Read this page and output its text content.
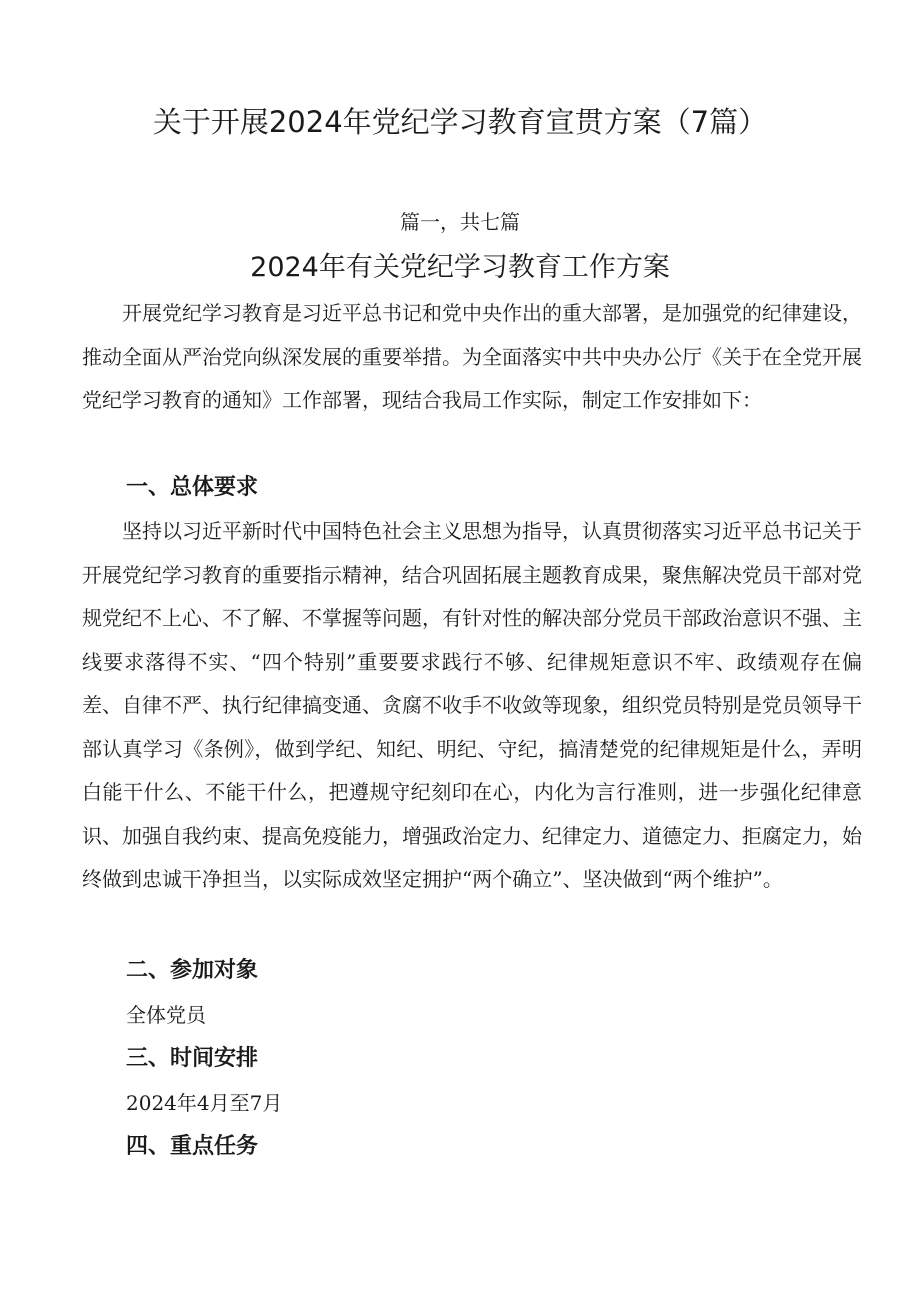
关于开展2024年党纪学习教育宣贯方案（7篇）
篇一，共七篇
2024年有关党纪学习教育工作方案

开展党纪学习教育是习近平总书记和党中央作出的重大部署，是加强党的纪律建设，推动全面从严治党向纵深发展的重要举措。为全面落实中共中央办公厅《关于在全党开展党纪学习教育的通知》工作部署，现结合我局工作实际，制定工作安排如下：

一、总体要求

坚持以习近平新时代中国特色社会主义思想为指导，认真贯彻落实习近平总书记关于开展党纪学习教育的重要指示精神，结合巩固拓展主题教育成果，聚焦解决党员干部对党规党纪不上心、不了解、不掌握等问题，有针对性的解决部分党员干部政治意识不强、主线要求落得不实、“四个特别”重要要求践行不够、纪律规矩意识不牢、政绩观存在偏差、自律不严、执行纪律搞变通、贪腐不收手不收敛等现象，组织党员特别是党员领导干部认真学习《条例》，做到学纪、知纪、明纪、守纪，搞清楚党的纪律规矩是什么，弄明白能干什么、不能干什么，把遵规守纪刻印在心，内化为言行准则，进一步强化纪律意识、加强自我约束、提高免疫能力，增强政治定力、纪律定力、道德定力、拒腐定力，始终做到忠诚干净担当，以实际成效坚定拥护“两个确立”、坚决做到“两个维护”。

二、参加对象

全体党员

三、时间安排

2024年4月至7月

四、重点任务
